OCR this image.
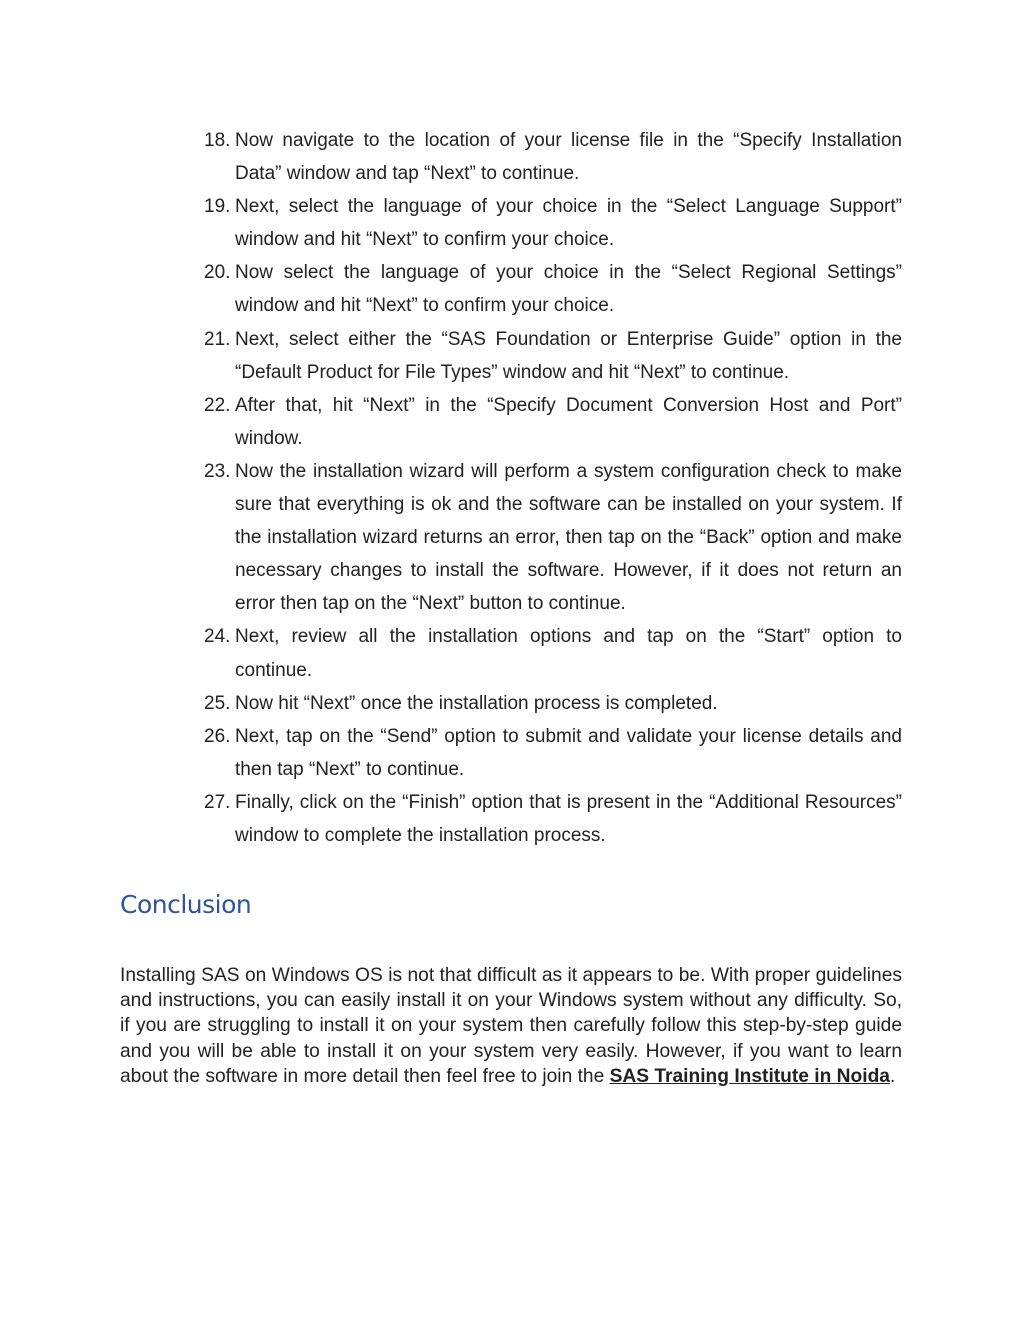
18. Now navigate to the location of your license file in the “Specify Installation Data” window and tap “Next” to continue.
19. Next, select the language of your choice in the “Select Language Support” window and hit “Next” to confirm your choice.
20. Now select the language of your choice in the “Select Regional Settings” window and hit “Next” to confirm your choice.
21. Next, select either the “SAS Foundation or Enterprise Guide” option in the “Default Product for File Types” window and hit “Next” to continue.
22. After that, hit “Next” in the “Specify Document Conversion Host and Port” window.
23. Now the installation wizard will perform a system configuration check to make sure that everything is ok and the software can be installed on your system. If the installation wizard returns an error, then tap on the “Back” option and make necessary changes to install the software. However, if it does not return an error then tap on the “Next” button to continue.
24. Next, review all the installation options and tap on the “Start” option to continue.
25. Now hit “Next” once the installation process is completed.
26. Next, tap on the “Send” option to submit and validate your license details and then tap “Next” to continue.
27. Finally, click on the “Finish” option that is present in the “Additional Resources” window to complete the installation process.
Conclusion

Installing SAS on Windows OS is not that difficult as it appears to be. With proper guidelines and instructions, you can easily install it on your Windows system without any difficulty. So, if you are struggling to install it on your system then carefully follow this step-by-step guide and you will be able to install it on your system very easily. However, if you want to learn about the software in more detail then feel free to join the SAS Training Institute in Noida.
